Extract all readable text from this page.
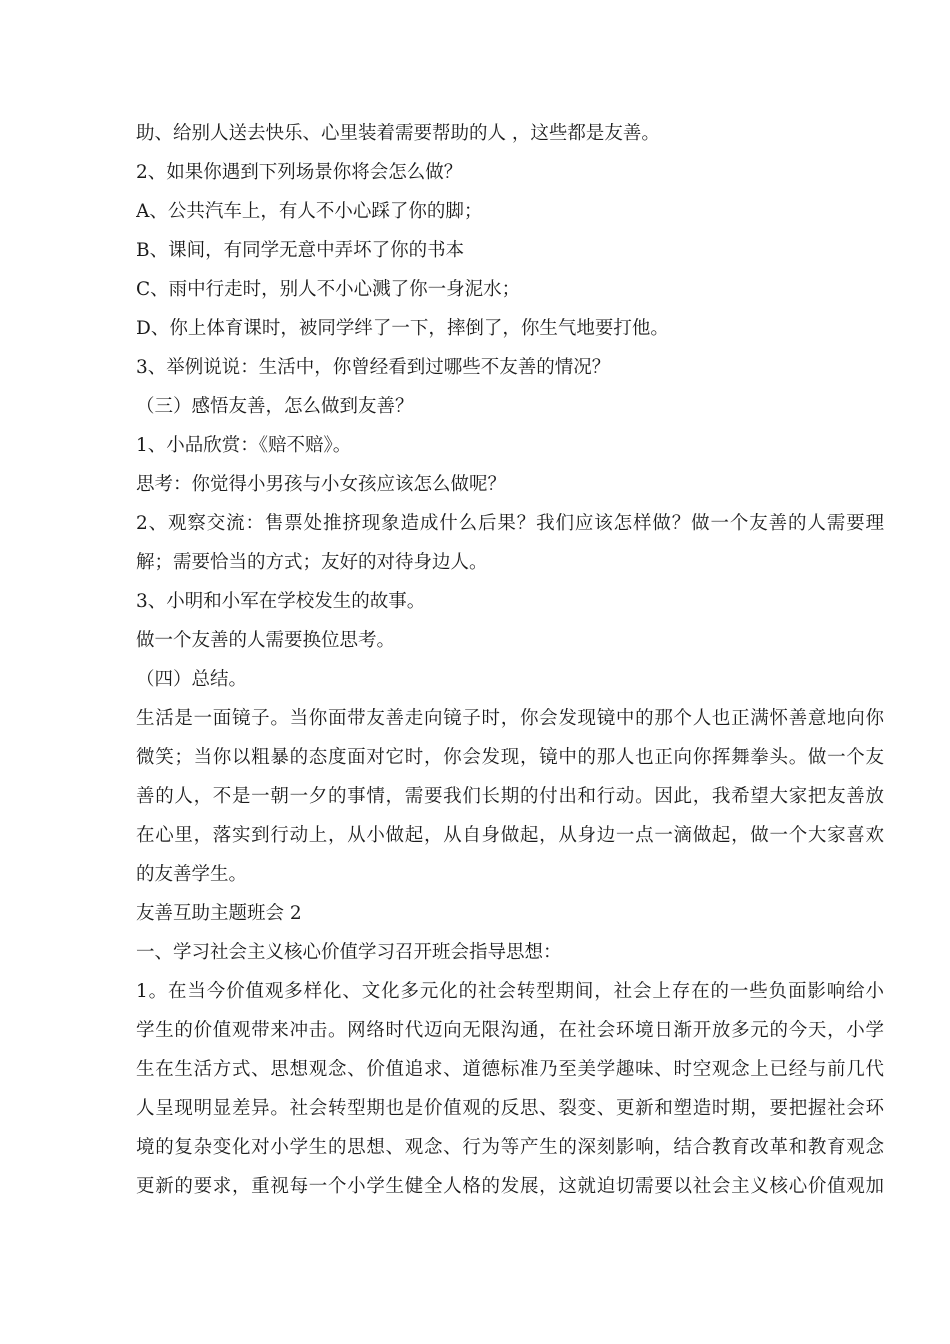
助、给别人送去快乐、心里装着需要帮助的人 ，这些都是友善。
2、如果你遇到下列场景你将会怎么做？
A、公共汽车上，有人不小心踩了你的脚；
B、课间，有同学无意中弄坏了你的书本
C、雨中行走时，别人不小心溅了你一身泥水；
D、你上体育课时，被同学绊了一下，摔倒了，你生气地要打他。
3、举例说说：生活中，你曾经看到过哪些不友善的情况？
（三）感悟友善，怎么做到友善？
1、小品欣赏：《赔不赔》。
思考：你觉得小男孩与小女孩应该怎么做呢？
2、观察交流：售票处推挤现象造成什么后果？我们应该怎样做？做一个友善的人需要理
解；需要恰当的方式；友好的对待身边人。
3、小明和小军在学校发生的故事。
做一个友善的人需要换位思考。
（四）总结。
生活是一面镜子。当你面带友善走向镜子时，你会发现镜中的那个人也正满怀善意地向你
微笑；当你以粗暴的态度面对它时，你会发现，镜中的那人也正向你挥舞拳头。做一个友
善的人，不是一朝一夕的事情，需要我们长期的付出和行动。因此，我希望大家把友善放
在心里，落实到行动上，从小做起，从自身做起，从身边一点一滴做起，做一个大家喜欢
的友善学生。
友善互助主题班会 2
一、学习社会主义核心价值学习召开班会指导思想：
1。在当今价值观多样化、文化多元化的社会转型期间，社会上存在的一些负面影响给小
学生的价值观带来冲击。网络时代迈向无限沟通，在社会环境日渐开放多元的今天，小学
生在生活方式、思想观念、价值追求、道德标准乃至美学趣味、时空观念上已经与前几代
人呈现明显差异。社会转型期也是价值观的反思、裂变、更新和塑造时期，要把握社会环
境的复杂变化对小学生的思想、观念、行为等产生的深刻影响，结合教育改革和教育观念
更新的要求，重视每一个小学生健全人格的发展，这就迫切需要以社会主义核心价值观加
